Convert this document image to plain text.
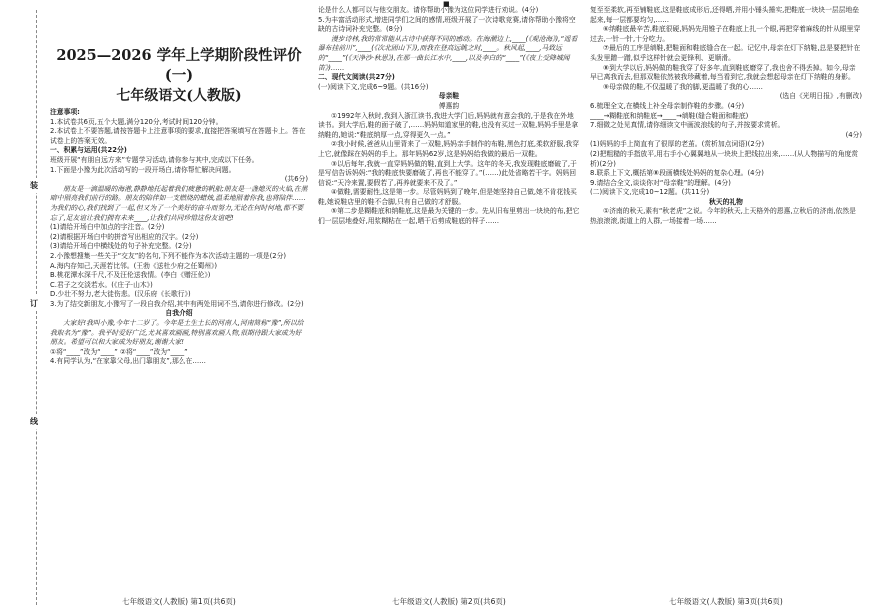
装
订
线
■

2025—2026 学年上学期阶段性评价(一)

七年级语文(人教版)

注意事项:

1.本试卷共6页,五个大题,满分120分,考试时间120分钟。

2.本试卷上不要答题,请按答题卡上注意事项的要求,直接把答案填写在答题卡上。答在试卷上的答案无效。

一、积累与运用(共22分)

班级开展“有朋自远方来”专题学习活动,请你参与其中,完成以下任务。

1.下面是小豫为此次活动写的一段开场白,请你帮忙解决问题。

(共6分)

朋友是一滴温暖的海港,静静地托起着我们疲惫的帆船;朋友是一盏熄灭的火焰,在黑暗中照亮我们前行的路。朋友的陪伴如一支燃烧的蜡烛,温柔地照着你我,也将陪伴……为我们的心,我们找到了一起,但又为了一个美好的奋斗而努力,无论在何时何地,都不要忘了,足友谊让我们拥有未来____,让我们共同珍惜这份友谊吧!

(1)请给开场白中加点的字注音。(2分)

(2)请根据开场白中的拼音写出相应的汉字。(2分)

(3)请给开场白中横线处的句子补充完整。(2分)

2.小豫想搜集一些关于“交友”的名句,下列不能作为本次活动主题的一项是(2分)

A.海内存知己,天涯若比邻。(王勃《送杜少府之任蜀州》)

B.桃花潭水深千尺,不及汪伦送我情。(李白《赠汪伦》)

C.君子之交淡若水。(《庄子·山木》)

D.少壮不努力,老大徒伤悲。(汉乐府《长歌行》)

3.为了结交新朋友,小豫写了一段自我介绍,其中有两处用词不当,请你进行修改。(2分)

自我介绍

大家好!我叫小豫,今年十二岁了。今年是土生土长的河南人,河南简称“豫”,所以给我取名为“豫”。我平时爱好广泛,尤其喜欢画画,特别喜欢画人物,很期待跟大家成为好朋友。希望可以和大家成为好朋友,谢谢大家!

①将“____”改为“____” ②将“____”改为“____”

4.有同学认为,“在家靠父母,出门靠朋友”,那么在……

论是什么人都可以与他交朋友。请你帮助小豫为这位同学进行劝说。(4分)

5.为丰富活动形式,增进同学们之间的感情,班级开展了一次诗歌竞赛,请你帮助小豫将空缺的古诗词补充完整。(8分)

漫步诗林,我的常常能从古诗中获得不同的感动。在海潮边上,____(《观沧海》),“遥看瀑布挂前川”,____(《次北固山下》),而我在登高远眺之时,____。秋风起,____,马致远的“____”(《天净沙·秋思》),在那一曲长江水中,____,以及李白的“____”(《夜上受降城闻笛》)……

二、现代文阅读(共27分)

(一)阅读下文,完成6~9题。(共16分)

母亲鞋

傅惠韵

①1992年入秋时,我到入浙江读书,我进大学门后,妈妈就有意会我的,于是我在外地读书。到大学后,鞋的面子破了,……妈妈知道家里的鞋,也没有买过一双鞋,妈妈手里是拿纳鞋的,她说:“鞋底纳厚一点,穿得更久一点。”

②我小时候,爸爸从山里背来了一双鞋,妈妈亲手制作的布鞋,黑色打底,柔软舒服,我穿上它,就像踩在妈妈的手上。那年妈妈62岁,这是妈妈给我做的最后一双鞋。

③以后每年,我就一直穿妈妈做的鞋,直到上大学。这年的冬天,我发现鞋底磨破了,于是写信告诉妈妈:“我的鞋底快要磨破了,再也不能穿了。”(……)此处省略若干字。妈妈回信说:“天冷来置,要假若了,再养就要来不及了。”

④做鞋,需要耐性,这是第一步。尽管妈妈到了晚年,但是她坚持自己做,她不肯花钱买鞋,她说鞋店里的鞋不合脚,只有自己做的才舒服。

⑤第二步是糊鞋底和纳鞋底,这是最为关键的一步。先从旧布里剪出一块块的布,把它们一层层地叠好,用浆糊粘在一起,晒干后剪成鞋底的样子……

复至至柔软,再至铺鞋底,这是鞋底成形后,还得晒,并用小锤头捶实,把鞋底一块块一层层地垒起来,每一层都要均匀,……

⑥纳鞋底最辛苦,鞋底很硬,妈妈先用锥子在鞋底上扎一个眼,再把穿着麻线的针从眼里穿过去,一针一针,十分吃力。

⑦最后的工序是绱鞋,把鞋面和鞋底缝合在一起。记忆中,母亲在灯下纳鞋,总是要把针在头发里蹭一蹭,似乎这样针就会更锋利、更顺滑。

⑧到大学以后,妈妈做的鞋我穿了好多年,直到鞋底磨穿了,我也舍不得丢掉。如今,母亲早已离我而去,但那双鞋依然被我珍藏着,每当看到它,我就会想起母亲在灯下纳鞋的身影。

⑨母亲做的鞋,不仅温暖了我的脚,更温暖了我的心……

(选自《光明日报》,有删改)

6.梳理全文,在横线上补全母亲制作鞋的步骤。(4分)

____→糊鞋底和纳鞋底→____→绱鞋(缝合鞋面和鞋底)

7.细微之处见真情,请你细读文中画波浪线的句子,并按要求赏析。

(4分)

(1)妈妈的手上简直有了很厚的老茧。(赏析加点词语)(2分)

(2)把粗糙的手指放平,用右手小心翼翼地从一块块上把线拉出来,……(从人物描写的角度赏析)(2分)

8.联系上下文,概括第⑧段画横线处妈妈的复杂心理。(4分)

9.请结合全文,谈谈你对“母亲鞋”的理解。(4分)

(二)阅读下文,完成10~12题。(共11分)

秋天的礼物

①济南的秋天,素有“秋老虎”之说。今年的秋天,上天格外的恩惠,立秋后的济南,依然是热浪滚滚,街道上的人群,一场接着一场……

七年级语文(人教版) 第1页(共6页)	七年级语文(人教版) 第2页(共6页)	七年级语文(人教版) 第3页(共6页)
